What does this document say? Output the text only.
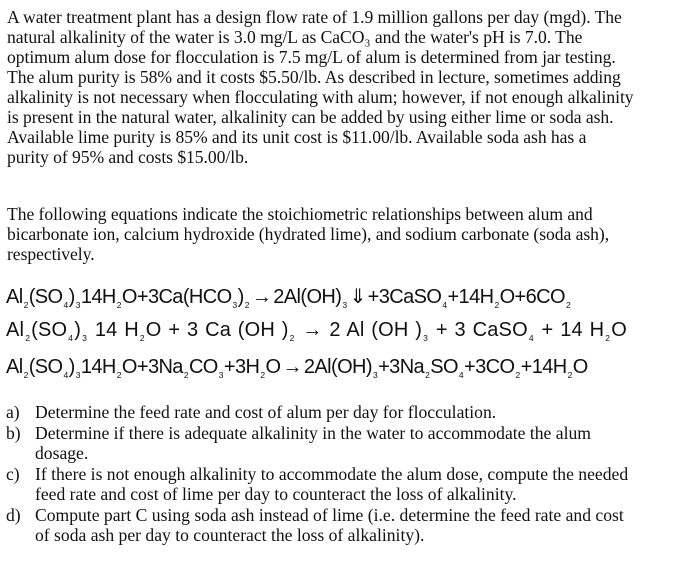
A water treatment plant has a design flow rate of 1.9 million gallons per day (mgd). The
natural alkalinity of the water is 3.0 mg/L as CaCO₃ and the water's pH is 7.0. The
optimum alum dose for flocculation is 7.5 mg/L of alum is determined from jar testing.
The alum purity is 58% and it costs $5.50/lb. As described in lecture, sometimes adding
alkalinity is not necessary when flocculating with alum; however, if not enough alkalinity
is present in the natural water, alkalinity can be added by using either lime or soda ash.
Available lime purity is 85% and its unit cost is $11.00/lb. Available soda ash has a
purity of 95% and costs $15.00/lb.
The following equations indicate the stoichiometric relationships between alum and
bicarbonate ion, calcium hydroxide (hydrated lime), and sodium carbonate (soda ash),
respectively.
$Al_2(SO_4)_314H_2O+3Ca(HCO_3)_2 \to 2Al(OH)_3$ ⇓ $+3CaSO_4+14H_2O+6CO_2$
$Al_2(SO_4)_3$ 14 $H_2O + 3$ Ca (OH )$_2 \to 2$ Al (OH )$_3 + 3$ CaSO$_4$ + 14 $H_2O$
$Al_2(SO_4)_314H_2O+3Na_2CO_3+3H_2O \to 2Al(OH)_3+3Na_2SO_4+3CO_2+14H_2O$
a) Determine the feed rate and cost of alum per day for flocculation.
b) Determine if there is adequate alkalinity in the water to accommodate the alum
dosage.
c) If there is not enough alkalinity to accommodate the alum dose, compute the needed
feed rate and cost of lime per day to counteract the loss of alkalinity.
d) Compute part C using soda ash instead of lime (i.e. determine the feed rate and cost
of soda ash per day to counteract the loss of alkalinity).
